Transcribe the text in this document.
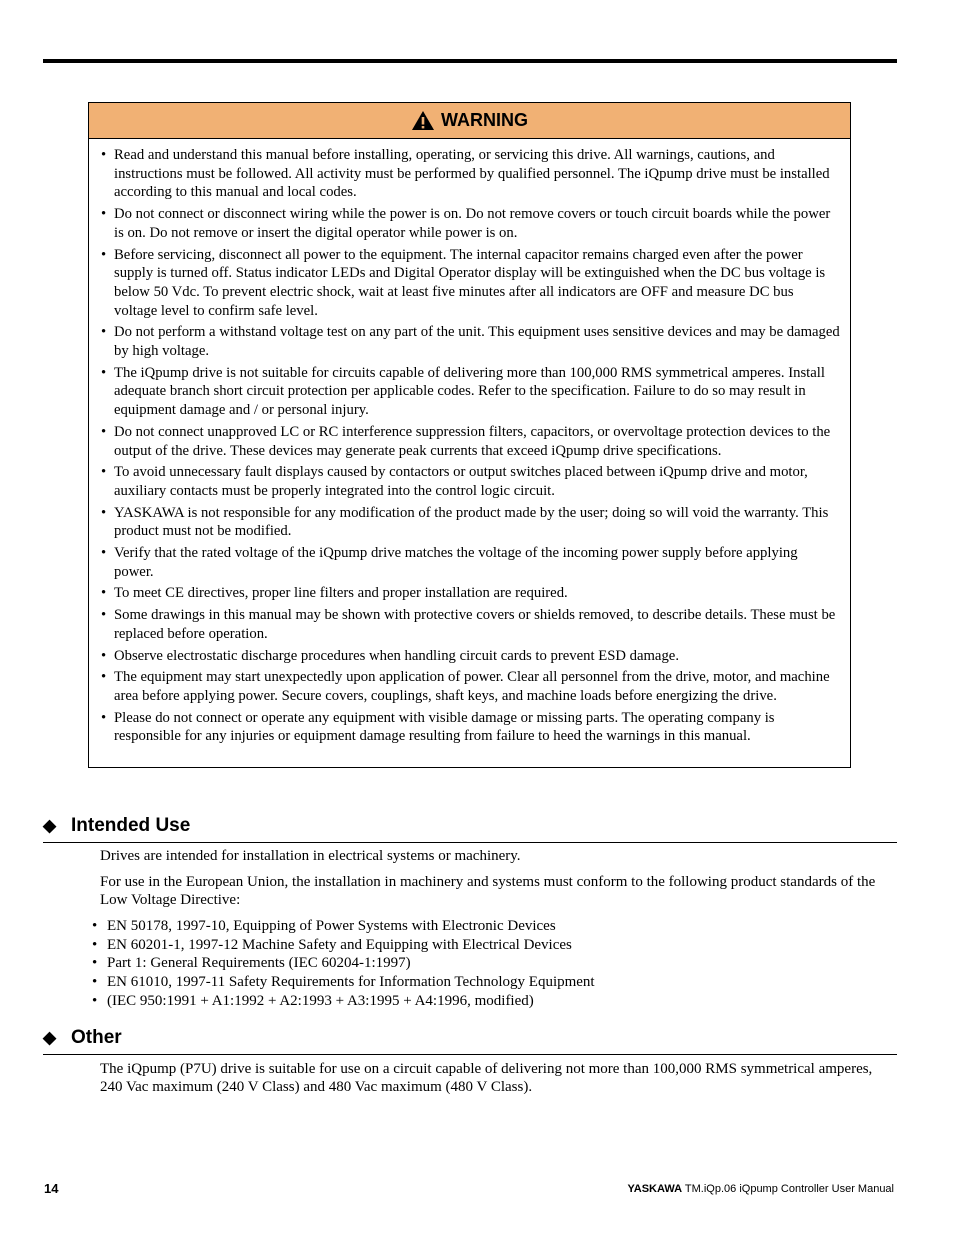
WARNING
• Read and understand this manual before installing, operating, or servicing this drive. All warnings, cautions, and instructions must be followed. All activity must be performed by qualified personnel. The iQpump drive must be installed according to this manual and local codes.
• Do not connect or disconnect wiring while the power is on. Do not remove covers or touch circuit boards while the power is on. Do not remove or insert the digital operator while power is on.
• Before servicing, disconnect all power to the equipment. The internal capacitor remains charged even after the power supply is turned off. Status indicator LEDs and Digital Operator display will be extinguished when the DC bus voltage is below 50 Vdc. To prevent electric shock, wait at least five minutes after all indicators are OFF and measure DC bus voltage level to confirm safe level.
• Do not perform a withstand voltage test on any part of the unit. This equipment uses sensitive devices and may be damaged by high voltage.
• The iQpump drive is not suitable for circuits capable of delivering more than 100,000 RMS symmetrical amperes. Install adequate branch short circuit protection per applicable codes. Refer to the specification. Failure to do so may result in equipment damage and / or personal injury.
• Do not connect unapproved LC or RC interference suppression filters, capacitors, or overvoltage protection devices to the output of the drive. These devices may generate peak currents that exceed iQpump drive specifications.
• To avoid unnecessary fault displays caused by contactors or output switches placed between iQpump drive and motor, auxiliary contacts must be properly integrated into the control logic circuit.
• YASKAWA is not responsible for any modification of the product made by the user; doing so will void the warranty. This product must not be modified.
• Verify that the rated voltage of the iQpump drive matches the voltage of the incoming power supply before applying power.
• To meet CE directives, proper line filters and proper installation are required.
• Some drawings in this manual may be shown with protective covers or shields removed, to describe details. These must be replaced before operation.
• Observe electrostatic discharge procedures when handling circuit cards to prevent ESD damage.
• The equipment may start unexpectedly upon application of power. Clear all personnel from the drive, motor, and machine area before applying power. Secure covers, couplings, shaft keys, and machine loads before energizing the drive.
• Please do not connect or operate any equipment with visible damage or missing parts. The operating company is responsible for any injuries or equipment damage resulting from failure to heed the warnings in this manual.
◆ Intended Use

Drives are intended for installation in electrical systems or machinery.

For use in the European Union, the installation in machinery and systems must conform to the following product standards of the Low Voltage Directive:

• EN 50178, 1997-10, Equipping of Power Systems with Electronic Devices
• EN 60201-1, 1997-12 Machine Safety and Equipping with Electrical Devices
• Part 1: General Requirements (IEC 60204-1:1997)
• EN 61010, 1997-11 Safety Requirements for Information Technology Equipment
• (IEC 950:1991 + A1:1992 + A2:1993 + A3:1995 + A4:1996, modified)
◆ Other

The iQpump (P7U) drive is suitable for use on a circuit capable of delivering not more than 100,000 RMS symmetrical amperes, 240 Vac maximum (240 V Class) and 480 Vac maximum (480 V Class).

14	YASKAWA TM.iQp.06 iQpump Controller User Manual
